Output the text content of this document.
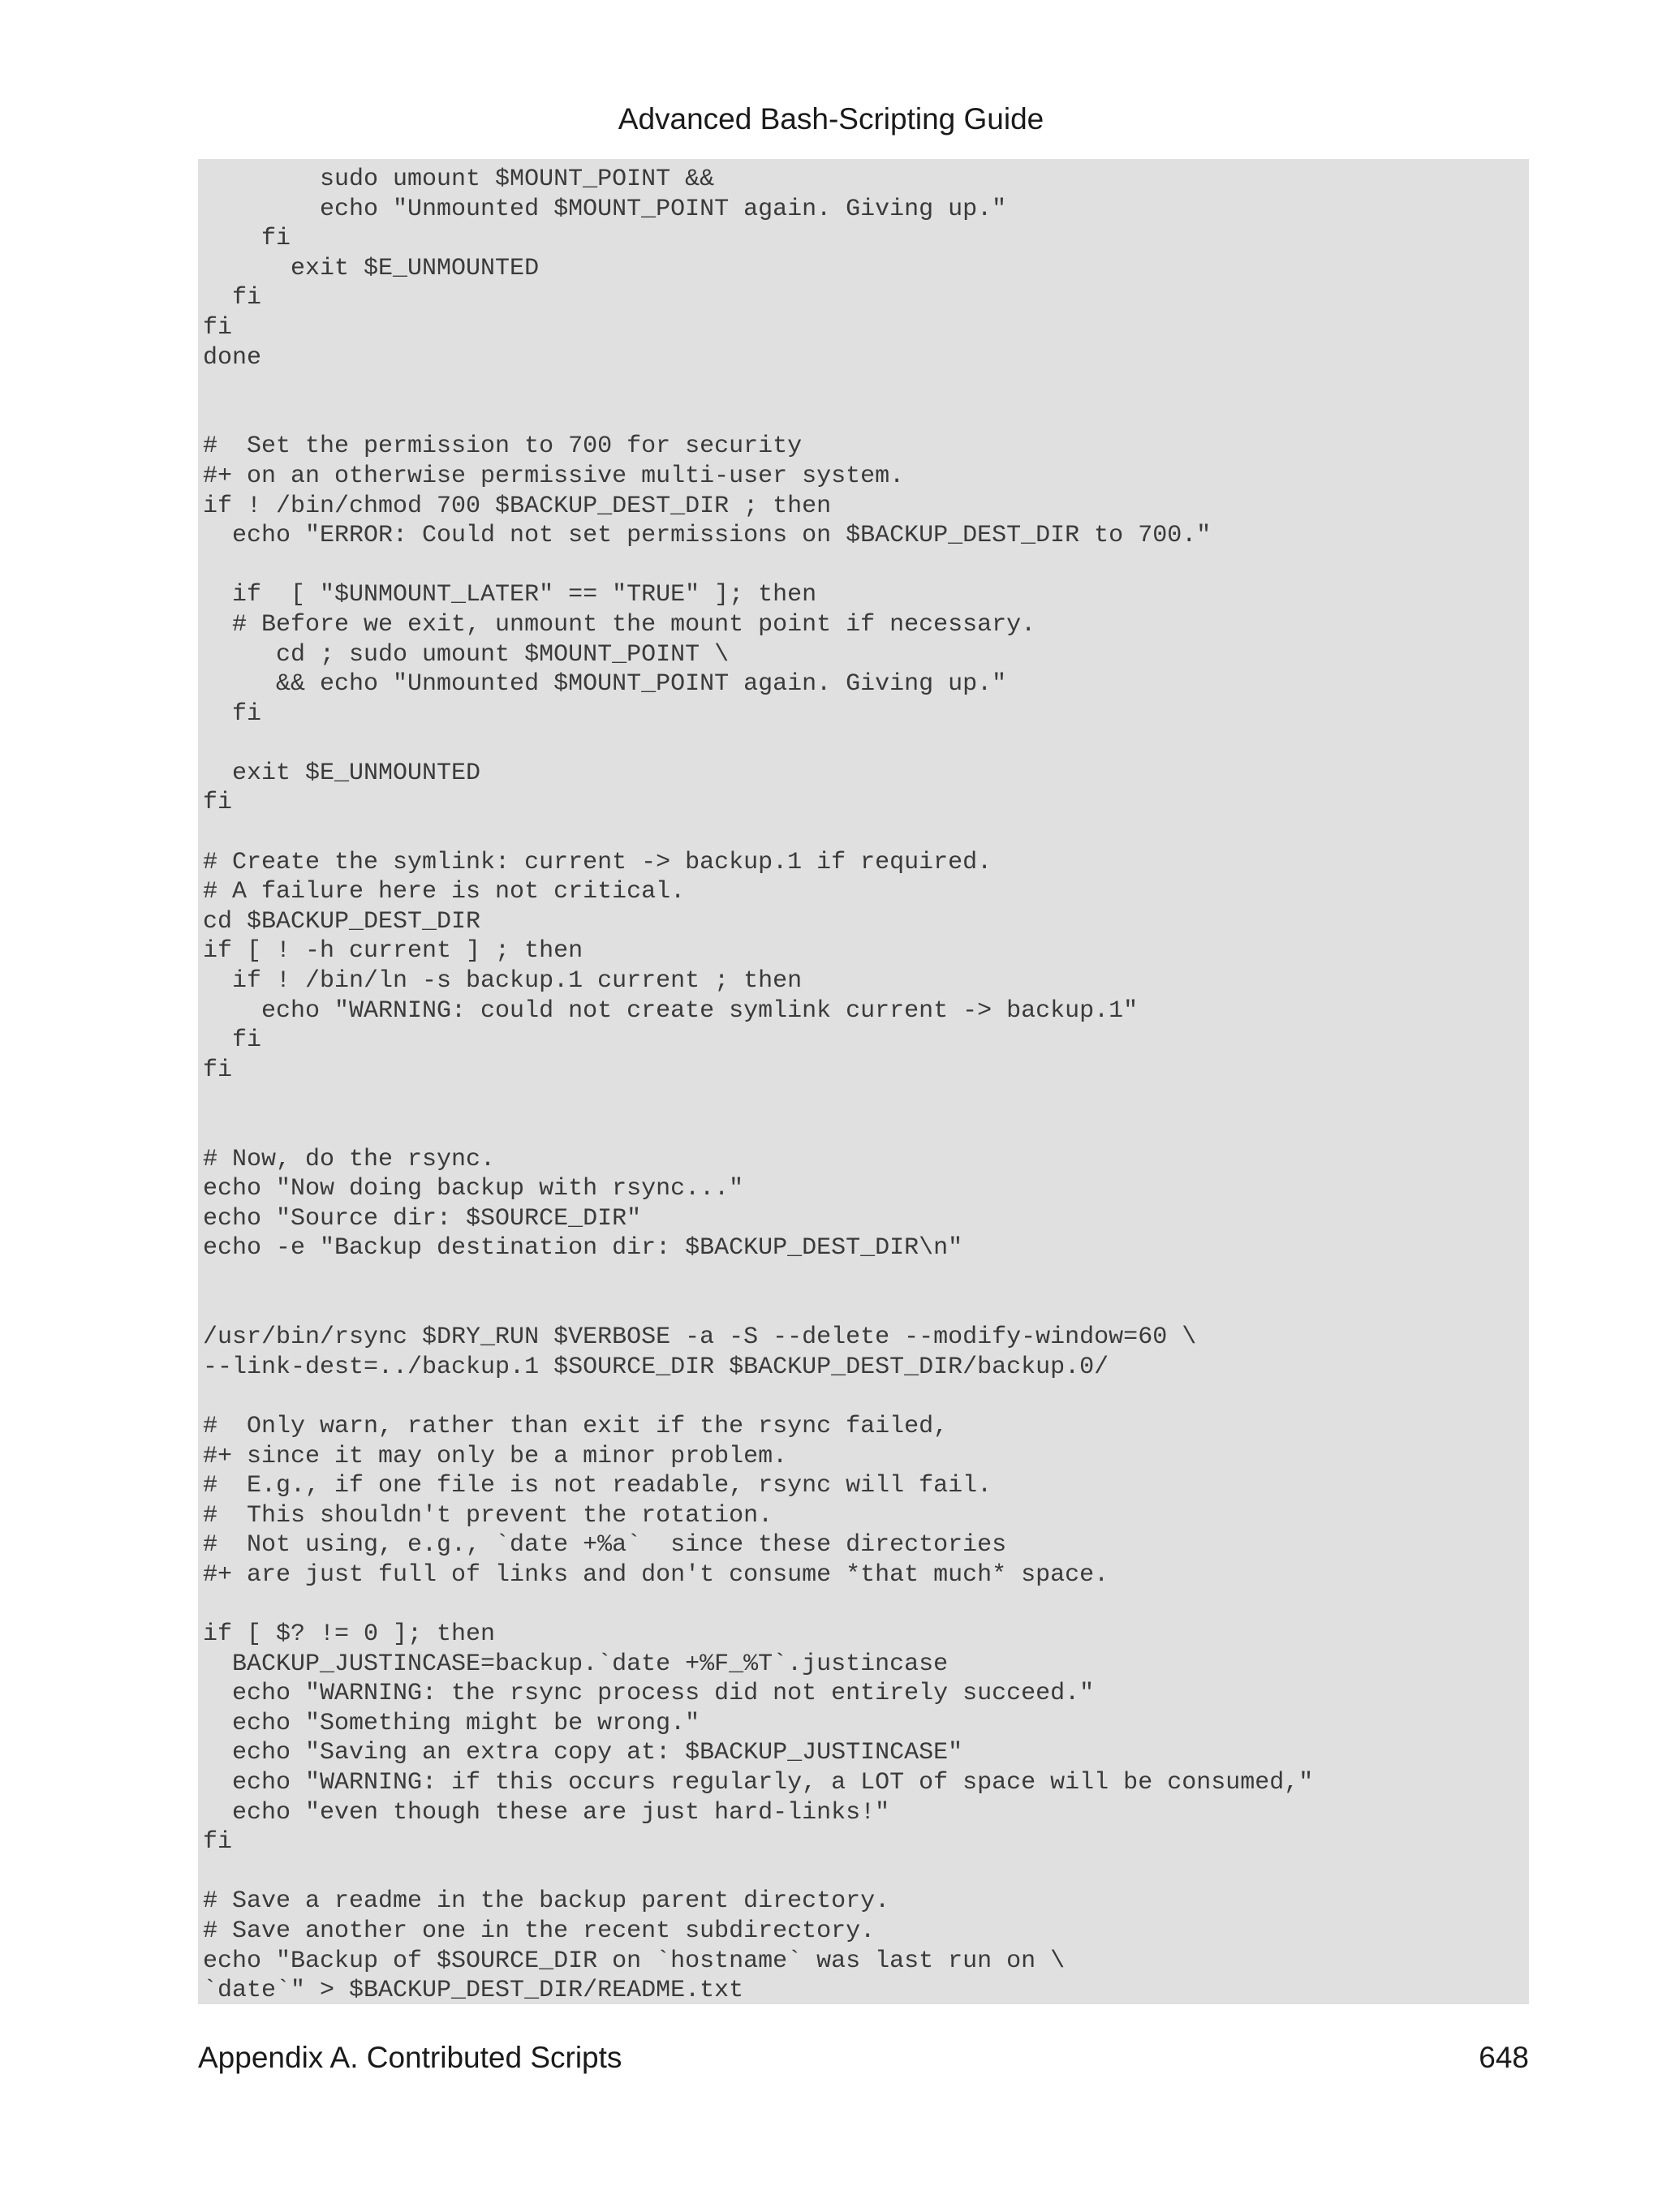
Advanced Bash-Scripting Guide
sudo umount $MOUNT_POINT &&
echo "Unmounted $MOUNT_POINT again. Giving up."
fi
exit $E_UNMOUNTED
fi
fi
done

#  Set the permission to 700 for security
#+ on an otherwise permissive multi-user system.
if ! /bin/chmod 700 $BACKUP_DEST_DIR ; then
echo "ERROR: Could not set permissions on $BACKUP_DEST_DIR to 700."

if  [ "$UNMOUNT_LATER" == "TRUE" ]; then
# Before we exit, unmount the mount point if necessary.
cd ; sudo umount $MOUNT_POINT \
&& echo "Unmounted $MOUNT_POINT again. Giving up."
fi

exit $E_UNMOUNTED
fi

# Create the symlink: current -> backup.1 if required.
# A failure here is not critical.
cd $BACKUP_DEST_DIR
if [ ! -h current ] ; then
if ! /bin/ln -s backup.1 current ; then
echo "WARNING: could not create symlink current -> backup.1"
fi
fi

# Now, do the rsync.
echo "Now doing backup with rsync..."
echo "Source dir: $SOURCE_DIR"
echo -e "Backup destination dir: $BACKUP_DEST_DIR\n"

/usr/bin/rsync $DRY_RUN $VERBOSE -a -S --delete --modify-window=60 \
--link-dest=../backup.1 $SOURCE_DIR $BACKUP_DEST_DIR/backup.0/

#  Only warn, rather than exit if the rsync failed,
#+ since it may only be a minor problem.
#  E.g., if one file is not readable, rsync will fail.
#  This shouldn't prevent the rotation.
#  Not using, e.g., `date +%a`  since these directories
#+ are just full of links and don't consume *that much* space.

if [ $? != 0 ]; then
BACKUP_JUSTINCASE=backup.`date +%F_%T`.justincase
echo "WARNING: the rsync process did not entirely succeed."
echo "Something might be wrong."
echo "Saving an extra copy at: $BACKUP_JUSTINCASE"
echo "WARNING: if this occurs regularly, a LOT of space will be consumed,"
echo "even though these are just hard-links!"
fi

# Save a readme in the backup parent directory.
# Save another one in the recent subdirectory.
echo "Backup of $SOURCE_DIR on `hostname` was last run on \
`date`" > $BACKUP_DEST_DIR/README.txt
Appendix A. Contributed Scripts	648
